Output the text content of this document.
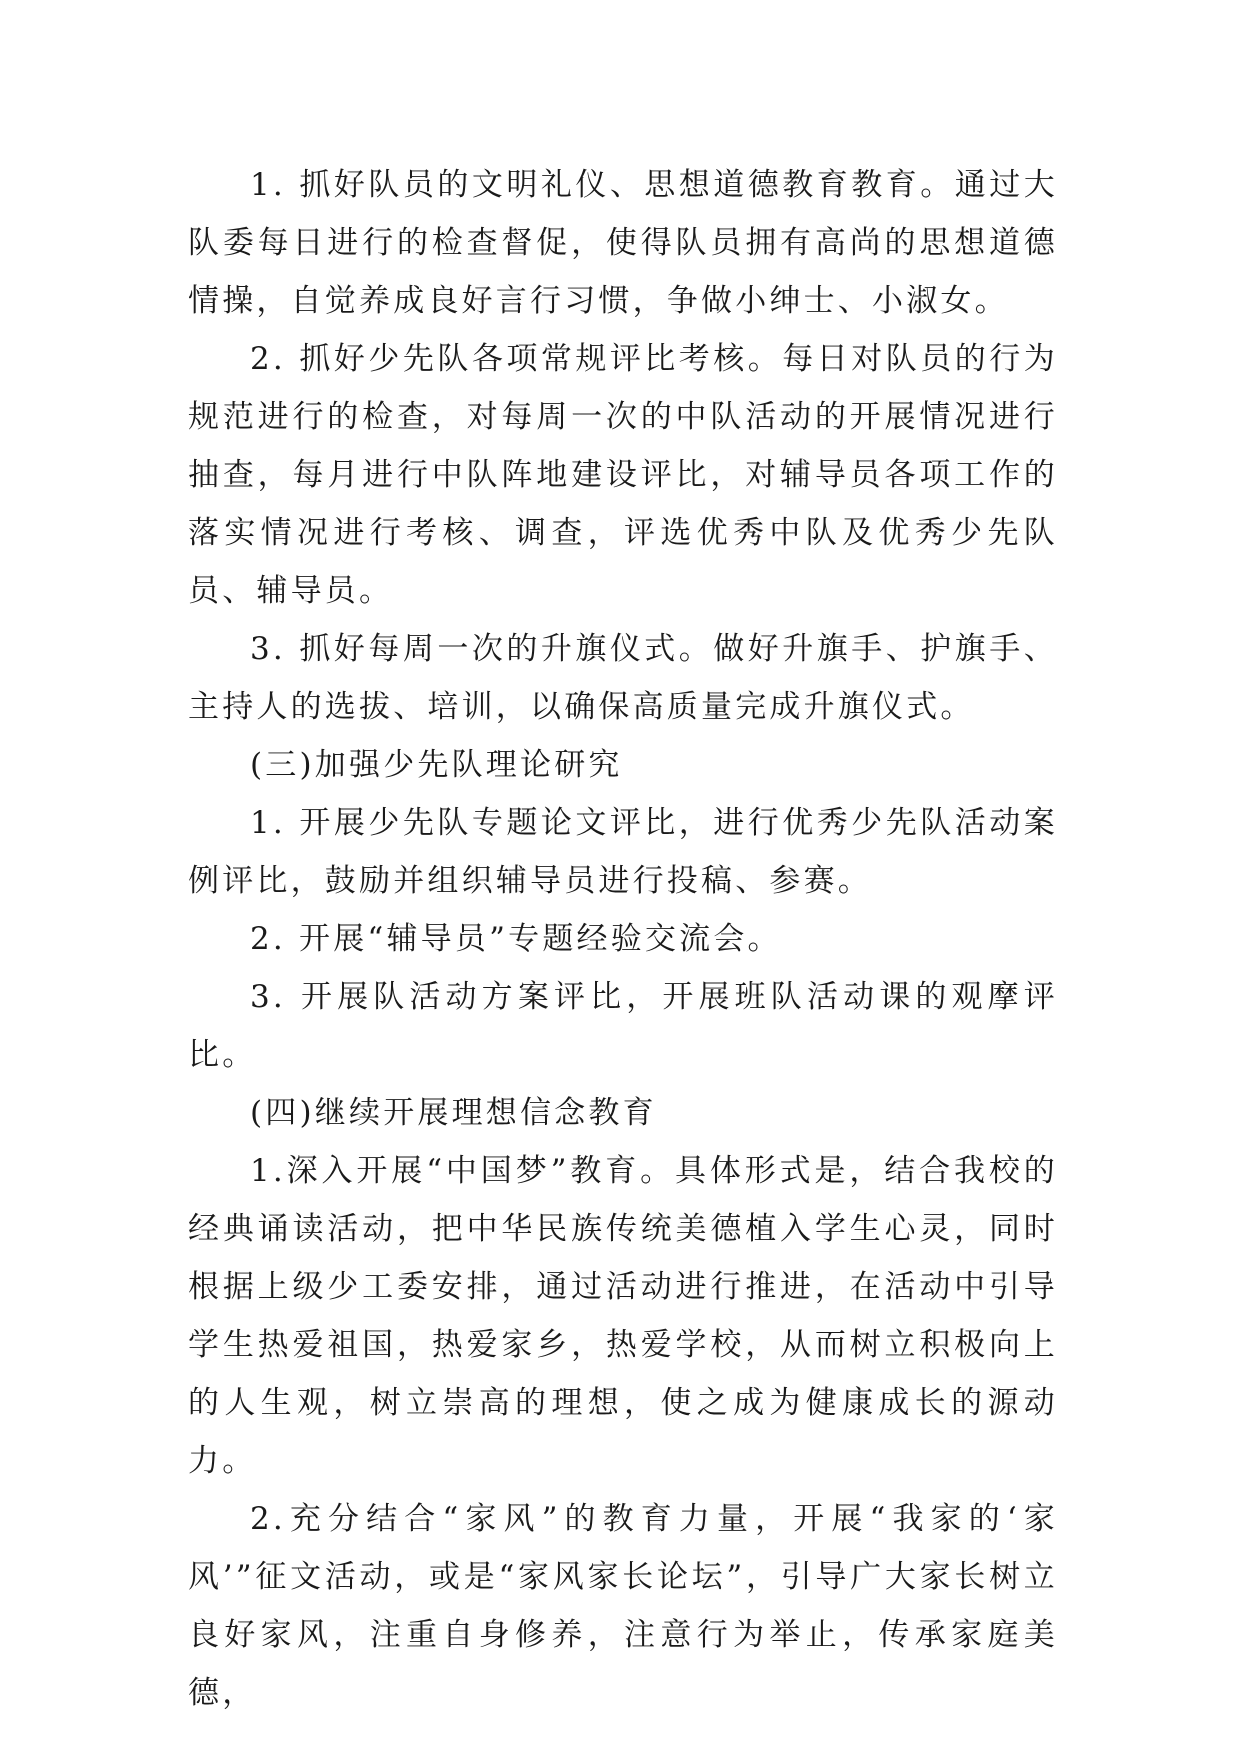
1. 抓好队员的文明礼仪、思想道德教育教育。通过大队委每日进行的检查督促，使得队员拥有高尚的思想道德情操，自觉养成良好言行习惯，争做小绅士、小淑女。

2. 抓好少先队各项常规评比考核。每日对队员的行为规范进行的检查，对每周一次的中队活动的开展情况进行抽查，每月进行中队阵地建设评比，对辅导员各项工作的落实情况进行考核、调查，评选优秀中队及优秀少先队员、辅导员。

3. 抓好每周一次的升旗仪式。做好升旗手、护旗手、主持人的选拔、培训，以确保高质量完成升旗仪式。

(三)加强少先队理论研究

1. 开展少先队专题论文评比，进行优秀少先队活动案例评比，鼓励并组织辅导员进行投稿、参赛。

2. 开展“辅导员”专题经验交流会。

3. 开展队活动方案评比，开展班队活动课的观摩评比。

(四)继续开展理想信念教育

1.深入开展“中国梦”教育。具体形式是，结合我校的经典诵读活动，把中华民族传统美德植入学生心灵，同时根据上级少工委安排，通过活动进行推进，在活动中引导学生热爱祖国，热爱家乡，热爱学校，从而树立积极向上的人生观，树立崇高的理想，使之成为健康成长的源动力。

2.充分结合“家风”的教育力量，开展“我家的‘家风’”征文活动，或是“家风家长论坛”，引导广大家长树立良好家风，注重自身修养，注意行为举止，传承家庭美德，
